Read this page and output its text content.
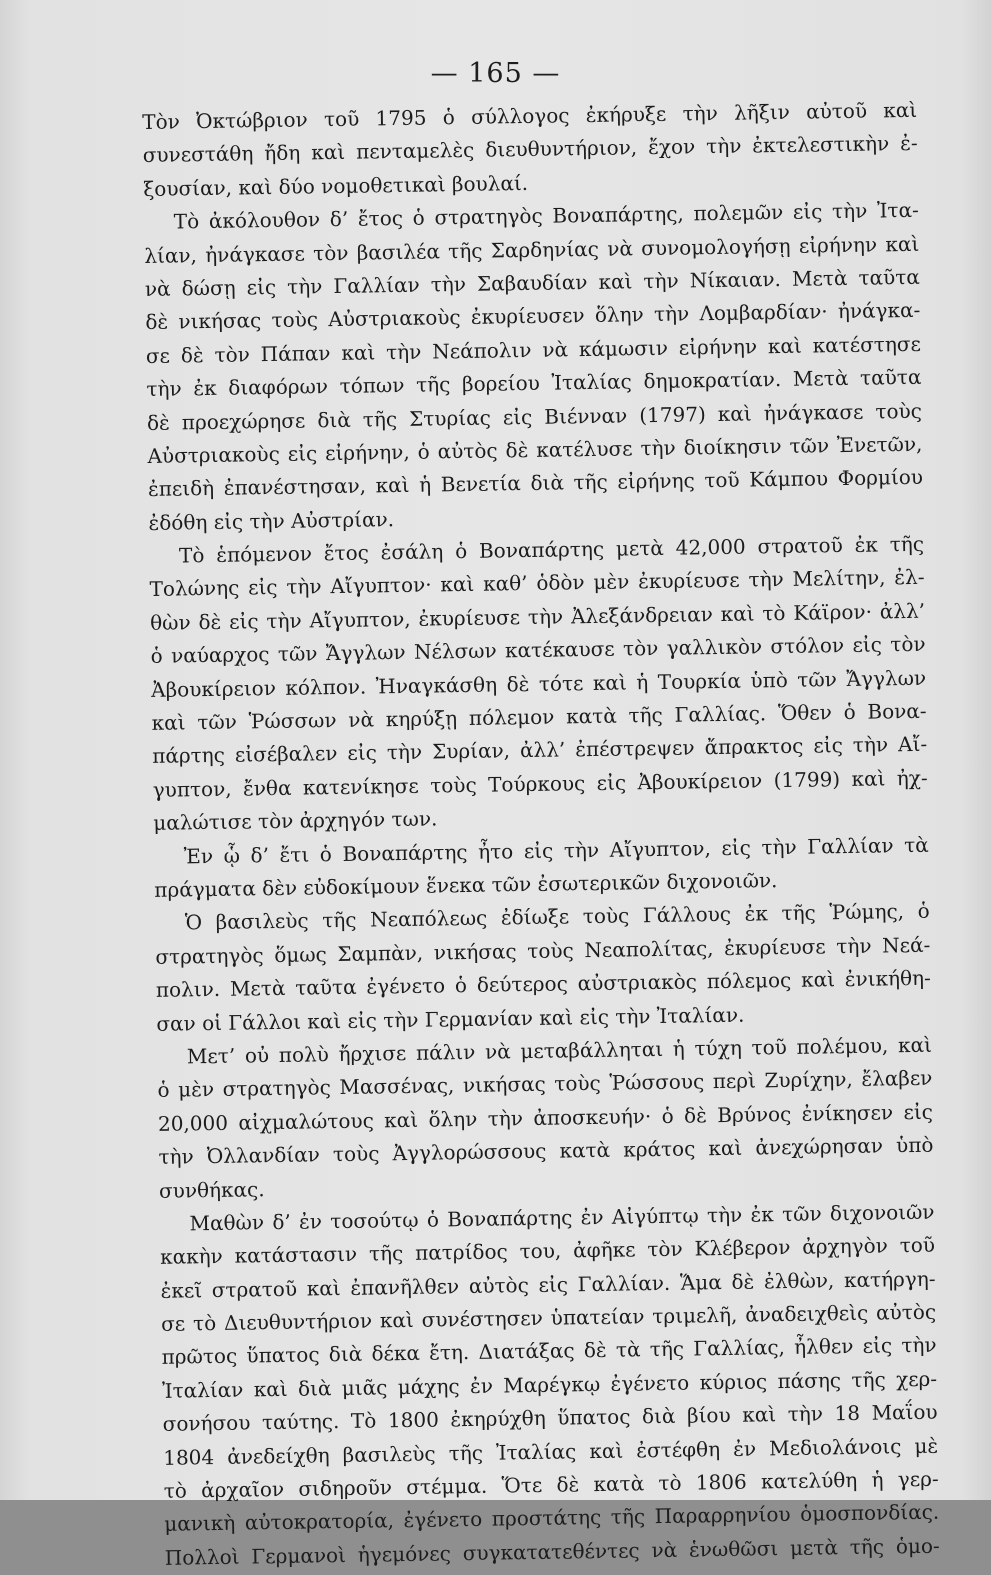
— 165 —
Τὸν Ὀκτώβριον τοῦ 1795 ὁ σύλλογος ἐκήρυξε τὴν λῆξιν αὐτοῦ καὶ
συνεστάθη ἤδη καὶ πενταμελὲς διευθυντήριον, ἔχον τὴν ἐκτελεστικὴν ἐ-
ξουσίαν, καὶ δύο νομοθετικαὶ βουλαί.
Τὸ ἀκόλουθον δ’ ἔτος ὁ στρατηγὸς Βοναπάρτης, πολεμῶν εἰς τὴν Ἰτα-
λίαν, ἠνάγκασε τὸν βασιλέα τῆς Σαρδηνίας νὰ συνομολογήσῃ εἰρήνην καὶ
νὰ δώσῃ εἰς τὴν Γαλλίαν τὴν Σαβαυδίαν καὶ τὴν Νίκαιαν. Μετὰ ταῦτα
δὲ νικήσας τοὺς Αὐστριακοὺς ἐκυρίευσεν ὅλην τὴν Λομβαρδίαν· ἠνάγκα-
σε δὲ τὸν Πάπαν καὶ τὴν Νεάπολιν νὰ κάμωσιν εἰρήνην καὶ κατέστησε
τὴν ἐκ διαφόρων τόπων τῆς βορείου Ἰταλίας δημοκρατίαν. Μετὰ ταῦτα
δὲ προεχώρησε διὰ τῆς Στυρίας εἰς Βιένναν (1797) καὶ ἠνάγκασε τοὺς
Αὐστριακοὺς εἰς εἰρήνην, ὁ αὐτὸς δὲ κατέλυσε τὴν διοίκησιν τῶν Ἐνετῶν,
ἐπειδὴ ἐπανέστησαν, καὶ ἡ Βενετία διὰ τῆς εἰρήνης τοῦ Κάμπου Φορμίου
ἐδόθη εἰς τὴν Αὐστρίαν.
Τὸ ἑπόμενον ἔτος ἐσάλη ὁ Βοναπάρτης μετὰ 42,000 στρατοῦ ἐκ τῆς
Τολώνης εἰς τὴν Αἴγυπτον· καὶ καθ’ ὁδὸν μὲν ἐκυρίευσε τὴν Μελίτην, ἐλ-
θὼν δὲ εἰς τὴν Αἴγυπτον, ἐκυρίευσε τὴν Ἀλεξάνδρειαν καὶ τὸ Κάϊρον· ἀλλ’
ὁ ναύαρχος τῶν Ἄγγλων Νέλσων κατέκαυσε τὸν γαλλικὸν στόλον εἰς τὸν
Ἀβουκίρειον κόλπον. Ἠναγκάσθη δὲ τότε καὶ ἡ Τουρκία ὑπὸ τῶν Ἄγγλων
καὶ τῶν Ῥώσσων νὰ κηρύξῃ πόλεμον κατὰ τῆς Γαλλίας. Ὅθεν ὁ Βονα-
πάρτης εἰσέβαλεν εἰς τὴν Συρίαν, ἀλλ’ ἐπέστρεψεν ἄπρακτος εἰς τὴν Αἴ-
γυπτον, ἔνθα κατενίκησε τοὺς Τούρκους εἰς Ἀβουκίρειον (1799) καὶ ἠχ-
μαλώτισε τὸν ἀρχηγόν των.
Ἐν ᾧ δ’ ἔτι ὁ Βοναπάρτης ἦτο εἰς τὴν Αἴγυπτον, εἰς τὴν Γαλλίαν τὰ
πράγματα δὲν εὐδοκίμουν ἕνεκα τῶν ἐσωτερικῶν διχονοιῶν.
Ὁ βασιλεὺς τῆς Νεαπόλεως ἐδίωξε τοὺς Γάλλους ἐκ τῆς Ῥώμης, ὁ
στρατηγὸς ὅμως Σαμπὰν, νικήσας τοὺς Νεαπολίτας, ἐκυρίευσε τὴν Νεά-
πολιν. Μετὰ ταῦτα ἐγένετο ὁ δεύτερος αὐστριακὸς πόλεμος καὶ ἐνικήθη-
σαν οἱ Γάλλοι καὶ εἰς τὴν Γερμανίαν καὶ εἰς τὴν Ἰταλίαν.
Μετ’ οὐ πολὺ ἤρχισε πάλιν νὰ μεταβάλληται ἡ τύχη τοῦ πολέμου, καὶ
ὁ μὲν στρατηγὸς Μασσένας, νικήσας τοὺς Ῥώσσους περὶ Ζυρίχην, ἔλαβεν
20,000 αἰχμαλώτους καὶ ὅλην τὴν ἀποσκευήν· ὁ δὲ Βρύνος ἐνίκησεν εἰς
τὴν Ὀλλανδίαν τοὺς Ἀγγλορώσσους κατὰ κράτος καὶ ἀνεχώρησαν ὑπὸ
συνθήκας.
Μαθὼν δ’ ἐν τοσούτῳ ὁ Βοναπάρτης ἐν Αἰγύπτῳ τὴν ἐκ τῶν διχονοιῶν
κακὴν κατάστασιν τῆς πατρίδος του, ἀφῆκε τὸν Κλέβερον ἀρχηγὸν τοῦ
ἐκεῖ στρατοῦ καὶ ἐπανῆλθεν αὐτὸς εἰς Γαλλίαν. Ἅμα δὲ ἐλθὼν, κατήργη-
σε τὸ Διευθυντήριον καὶ συνέστησεν ὑπατείαν τριμελῆ, ἀναδειχθεὶς αὐτὸς
πρῶτος ὕπατος διὰ δέκα ἔτη. Διατάξας δὲ τὰ τῆς Γαλλίας, ἦλθεν εἰς τὴν
Ἰταλίαν καὶ διὰ μιᾶς μάχης ἐν Μαρέγκῳ ἐγένετο κύριος πάσης τῆς χερ-
σονήσου ταύτης. Τὸ 1800 ἐκηρύχθη ὕπατος διὰ βίου καὶ τὴν 18 Μαΐου
1804 ἀνεδείχθη βασιλεὺς τῆς Ἰταλίας καὶ ἐστέφθη ἐν Μεδιολάνοις μὲ
τὸ ἀρχαῖον σιδηροῦν στέμμα. Ὅτε δὲ κατὰ τὸ 1806 κατελύθη ἡ γερ-
μανικὴ αὐτοκρατορία, ἐγένετο προστάτης τῆς Παραρρηνίου ὁμοσπονδίας.
Πολλοὶ Γερμανοὶ ἡγεμόνες συγκατατεθέντες νὰ ἑνωθῶσι μετὰ τῆς ὁμο-
